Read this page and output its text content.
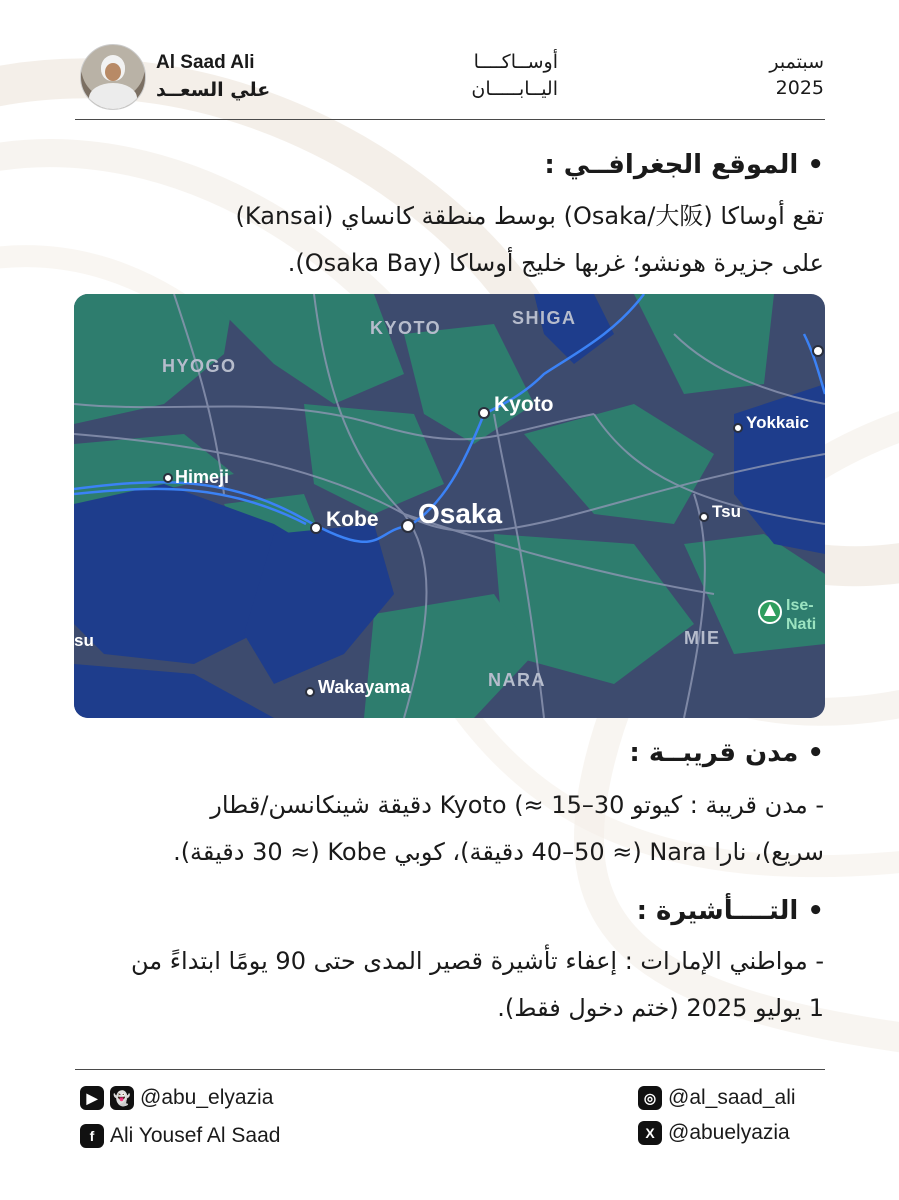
Al Saad Ali
علي السعــد
أوســاكــــا
اليــابـــــان
سبتمبر
2025
• الموقع الجغرافــي :
تقع أوساكا (Osaka/大阪) بوسط منطقة كانساي (Kansai)
على جزيرة هونشو؛ غربها خليج أوساكا (Osaka Bay).
KYOTO	SHIGA
HYOGO
MIE
NARA
Osaka
Kyoto
Kobe
Himeji
Wakayama
Tsu
Yokkaic
su
Ise-
Nati
• مدن قريبــة :
- مدن قريبة : كيوتو Kyoto (≈ 15–30 دقيقة شينكانسن/قطار
سريع)، نارا Nara (≈ 40–50 دقيقة)، كوبي Kobe (≈ 30 دقيقة).
• التــــأشيرة :
- مواطني الإمارات : إعفاء تأشيرة قصير المدى حتى 90 يومًا ابتداءً من
1 يوليو 2025 (ختم دخول فقط).
▶	👻 @abu_elyazia
f Ali Yousef Al Saad
◎ @al_saad_ali
X @abuelyazia
